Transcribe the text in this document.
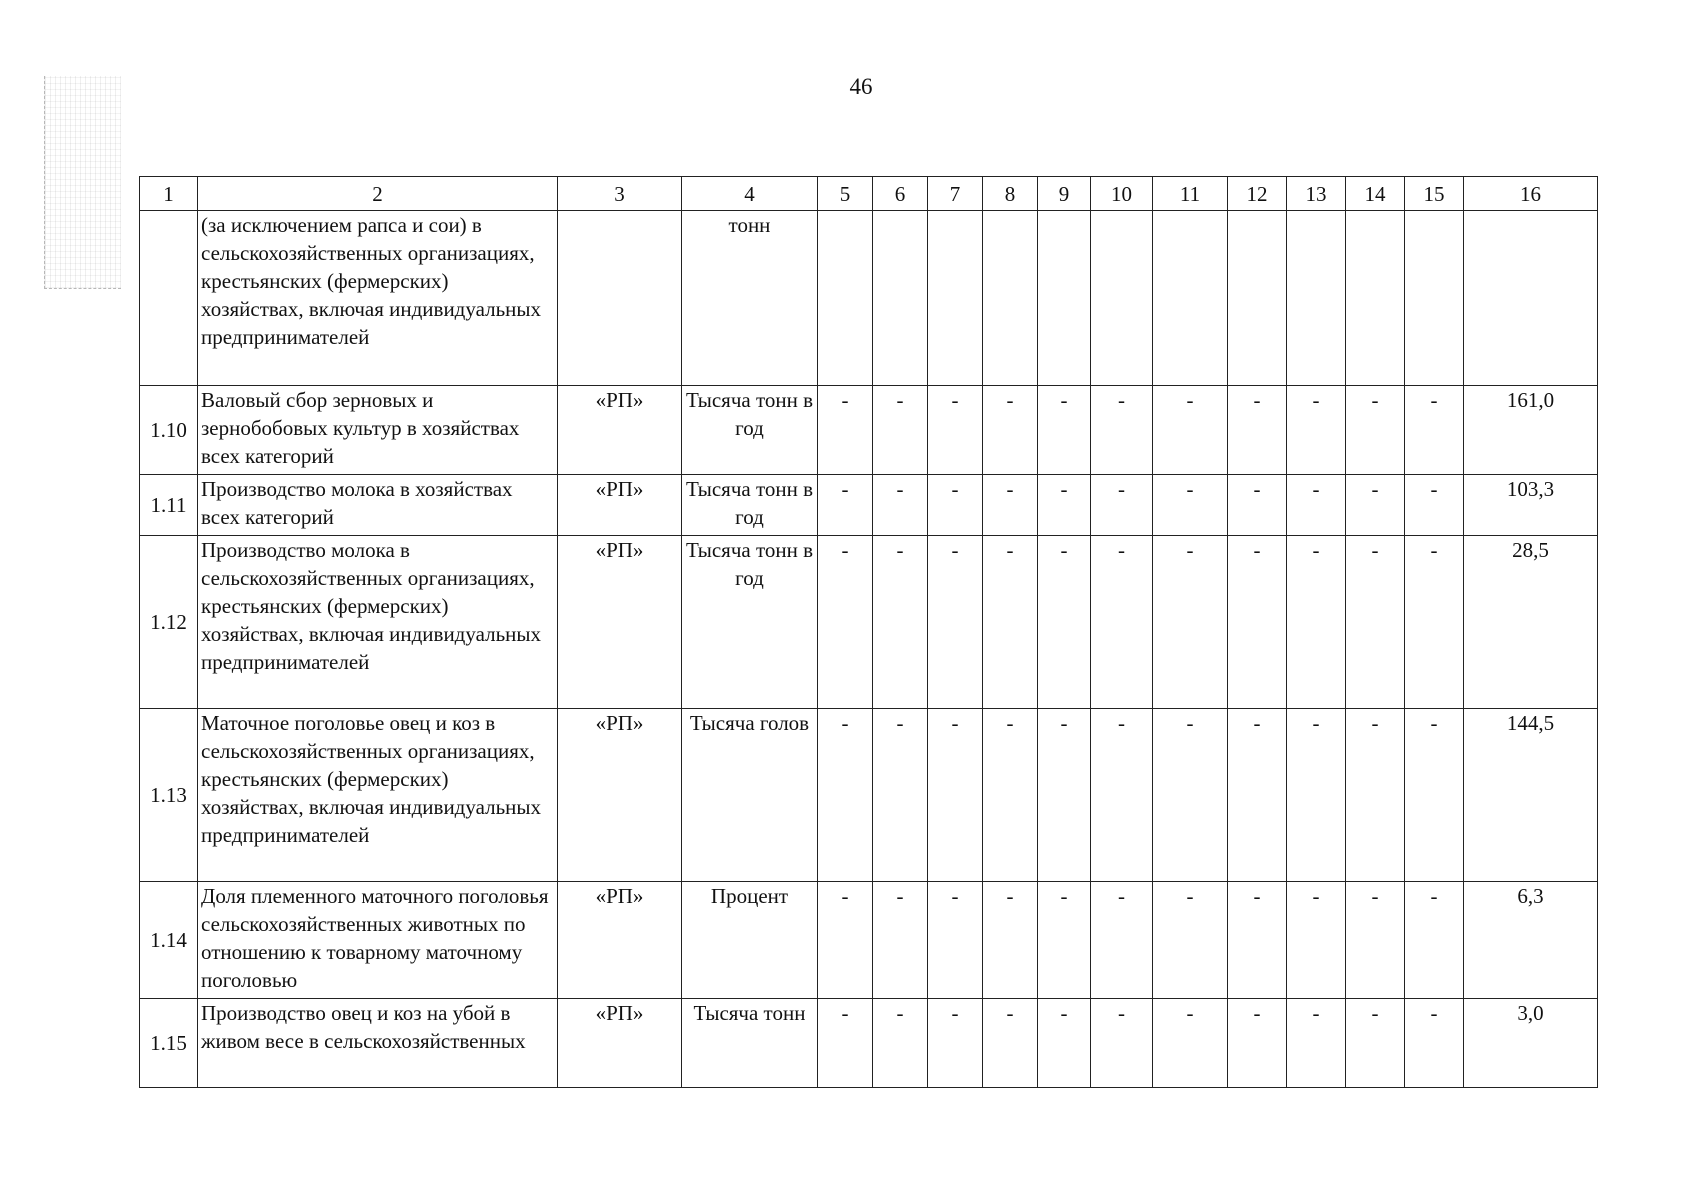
46
1	2	3	4	5	6	7	8	9	10	11	12	13	14	15	16
	(за исключением рапса и сои) в сельскохозяйственных организациях, крестьянских (фермерских) хозяйствах, включая индивидуальных предпринимателей		тонн												
1.10	Валовый сбор зерновых и зернобобовых культур в хозяйствах всех категорий	«РП»	Тысяча тонн в год	-	-	-	-	-	-	-	-	-	-	-	161,0
1.11	Производство молока в хозяйствах всех категорий	«РП»	Тысяча тонн в год	-	-	-	-	-	-	-	-	-	-	-	103,3
1.12	Производство молока в сельскохозяйственных организациях, крестьянских (фермерских) хозяйствах, включая индивидуальных предпринимателей	«РП»	Тысяча тонн в год	-	-	-	-	-	-	-	-	-	-	-	28,5
1.13	Маточное поголовье овец и коз в сельскохозяйственных организациях, крестьянских (фермерских) хозяйствах, включая индивидуальных предпринимателей	«РП»	Тысяча голов	-	-	-	-	-	-	-	-	-	-	-	144,5
1.14	Доля племенного маточного поголовья сельскохозяйственных животных по отношению к товарному маточному поголовью	«РП»	Процент	-	-	-	-	-	-	-	-	-	-	-	6,3
1.15	Производство овец и коз на убой в живом весе в сельскохозяйственных	«РП»	Тысяча тонн	-	-	-	-	-	-	-	-	-	-	-	3,0
